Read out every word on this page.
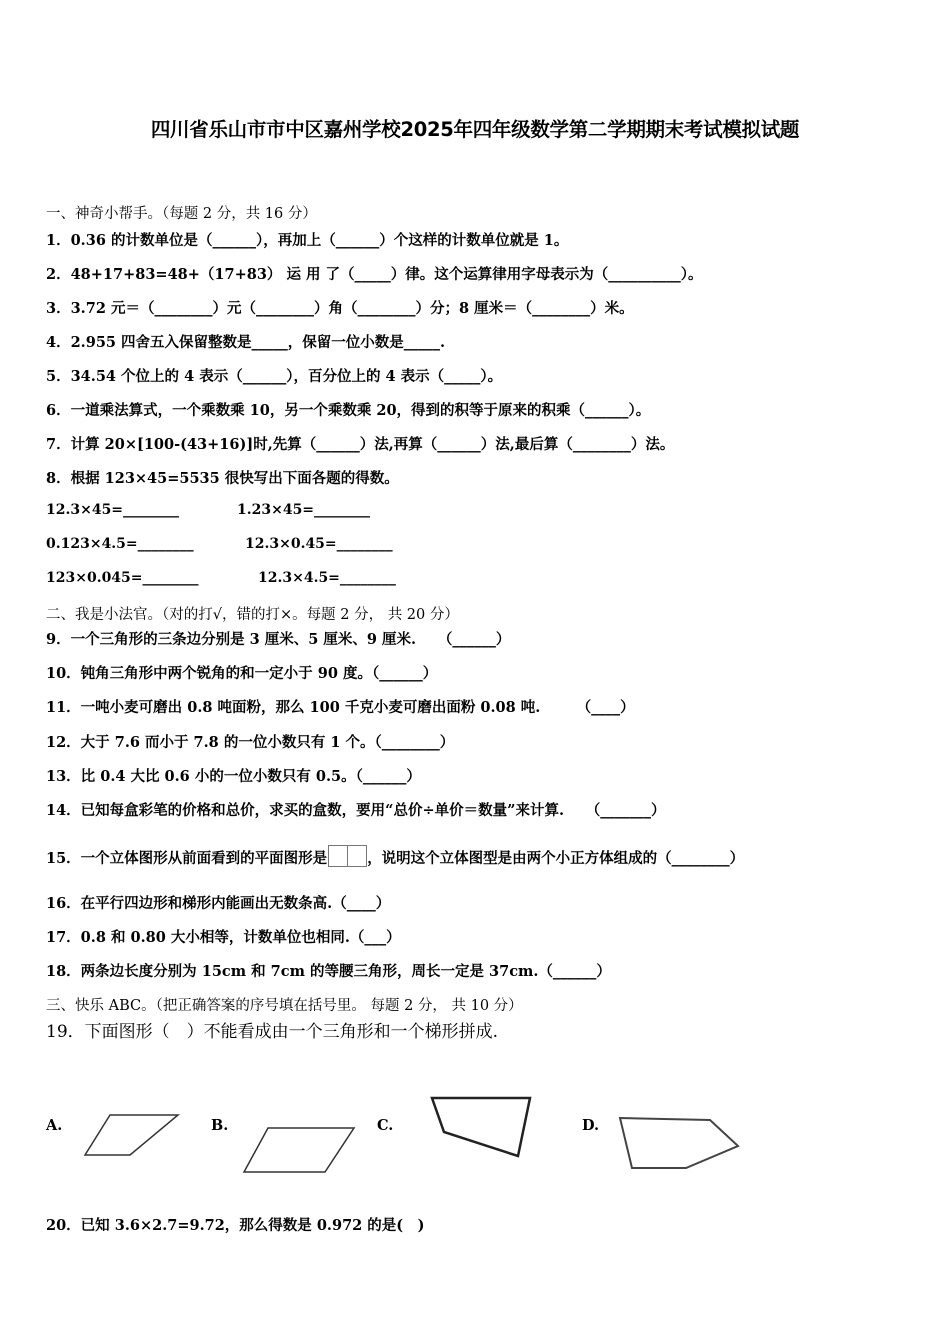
四川省乐山市市中区嘉州学校2025年四年级数学第二学期期末考试模拟试题
一、神奇小帮手。（每题 2 分，共 16 分）
1．0.36 的计数单位是（______），再加上（______）个这样的计数单位就是 1。
2．48+17+83=48+（17+83） 运 用 了（_____）律。这个运算律用字母表示为（__________）。
3．3.72 元＝（________）元（________）角（________）分；8 厘米＝（________）米。
4．2.955 四舍五入保留整数是_____，保留一位小数是_____.
5．34.54 个位上的 4 表示（______），百分位上的 4 表示（_____）。
6．一道乘法算式，一个乘数乘 10，另一个乘数乘 20，得到的积等于原来的积乘（______）。
7．计算 20×[100-(43+16)]时,先算（______）法,再算（______）法,最后算（________）法。
8．根据 123×45=5535 很快写出下面各题的得数。
12.3×45=________	1.23×45=________
0.123×4.5=________	12.3×0.45=________
123×0.045=________	12.3×4.5=________
二、我是小法官。（对的打√，错的打×。每题 2 分， 共 20 分）
9．一个三角形的三条边分别是 3 厘米、5 厘米、9 厘米.　　（______）
10．钝角三角形中两个锐角的和一定小于 90 度。（______）
11．一吨小麦可磨出 0.8 吨面粉，那么 100 千克小麦可磨出面粉 0.08 吨.　　　（____）
12．大于 7.6 而小于 7.8 的一位小数只有 1 个。（________）
13．比 0.4 大比 0.6 小的一位小数只有 0.5。（______）
14．已知每盒彩笔的价格和总价，求买的盒数，要用“总价÷单价＝数量”来计算.　　（_______）
15．一个立体图形从前面看到的平面图形是	，说明这个立体图型是由两个小正方体组成的（________）
16．在平行四边形和梯形内能画出无数条高.（____）
17．0.8 和 0.80 大小相等，计数单位也相同.（___）
18．两条边长度分别为 15cm 和 7cm 的等腰三角形，周长一定是 37cm.（______）
三、快乐 ABC。（把正确答案的序号填在括号里。 每题 2 分， 共 10 分）
19．下面图形（　）不能看成由一个三角形和一个梯形拼成.
A.	B.	C.	D.
20．已知 3.6×2.7=9.72，那么得数是 0.972 的是(　)
